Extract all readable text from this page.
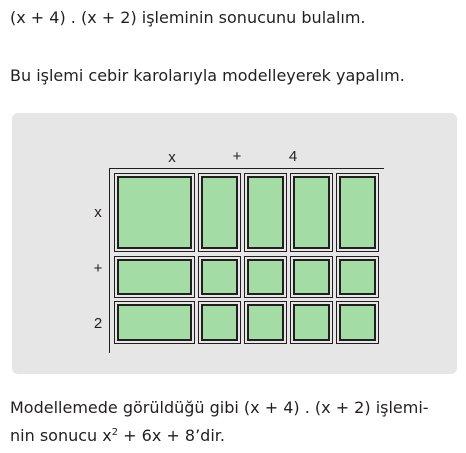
(x + 4) . (x + 2) işleminin sonucunu bulalım.
Bu işlemi cebir karolarıyla modelleyerek yapalım.
x	+	4
x
+
2
Modellemede görüldüğü gibi (x + 4) . (x + 2) işlemi-
nin sonucu $x^2 + 6x$ + 8’dir.
